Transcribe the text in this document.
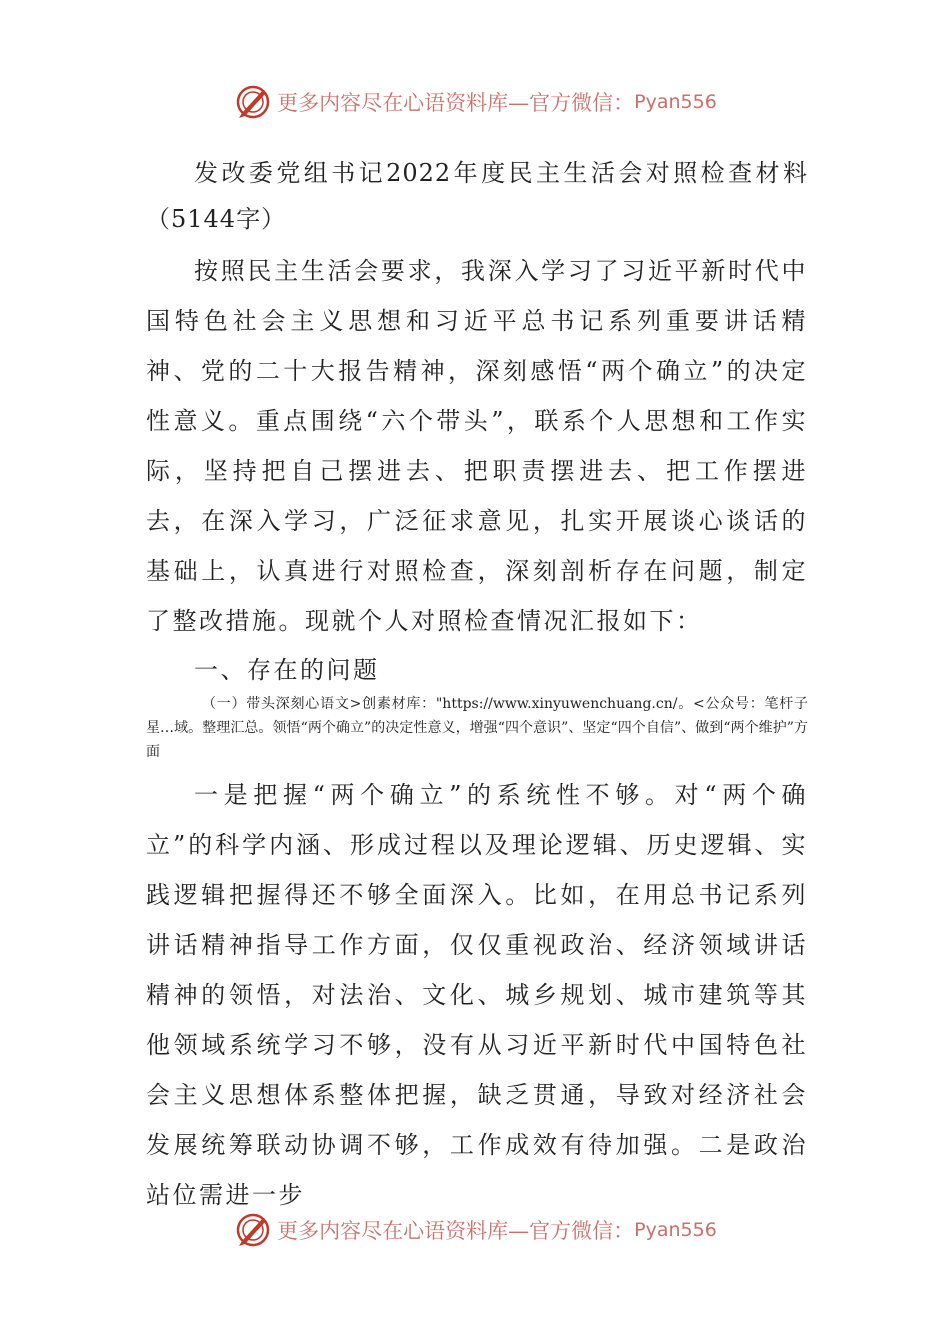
更多内容尽在心语资料库—官方微信： Pyan556

发改委党组书记2022年度民主生活会对照检查材料（5144字）

按照民主生活会要求，我深入学习了习近平新时代中国特色社会主义思想和习近平总书记系列重要讲话精神、党的二十大报告精神，深刻感悟“两个确立”的决定性意义。重点围绕“六个带头”，联系个人思想和工作实际，坚持把自己摆进去、把职责摆进去、把工作摆进去，在深入学习，广泛征求意见，扎实开展谈心谈话的基础上，认真进行对照检查，深刻剖析存在问题，制定了整改措施。现就个人对照检查情况汇报如下：

一、存在的问题

（一）带头深刻心语文>创素材库："https://www.xinyuwenchuang.cn/。<公众号：笔杆子星…域。整理汇总。领悟“两个确立”的决定性意义，增强“四个意识”、坚定“四个自信”、做到“两个维护”方面

一是把握“两个确立”的系统性不够。对“两个确立”的科学内涵、形成过程以及理论逻辑、历史逻辑、实践逻辑把握得还不够全面深入。比如，在用总书记系列讲话精神指导工作方面，仅仅重视政治、经济领域讲话精神的领悟，对法治、文化、城乡规划、城市建筑等其他领域系统学习不够，没有从习近平新时代中国特色社会主义思想体系整体把握，缺乏贯通，导致对经济社会发展统筹联动协调不够，工作成效有待加强。二是政治站位需进一步

更多内容尽在心语资料库—官方微信： Pyan556
